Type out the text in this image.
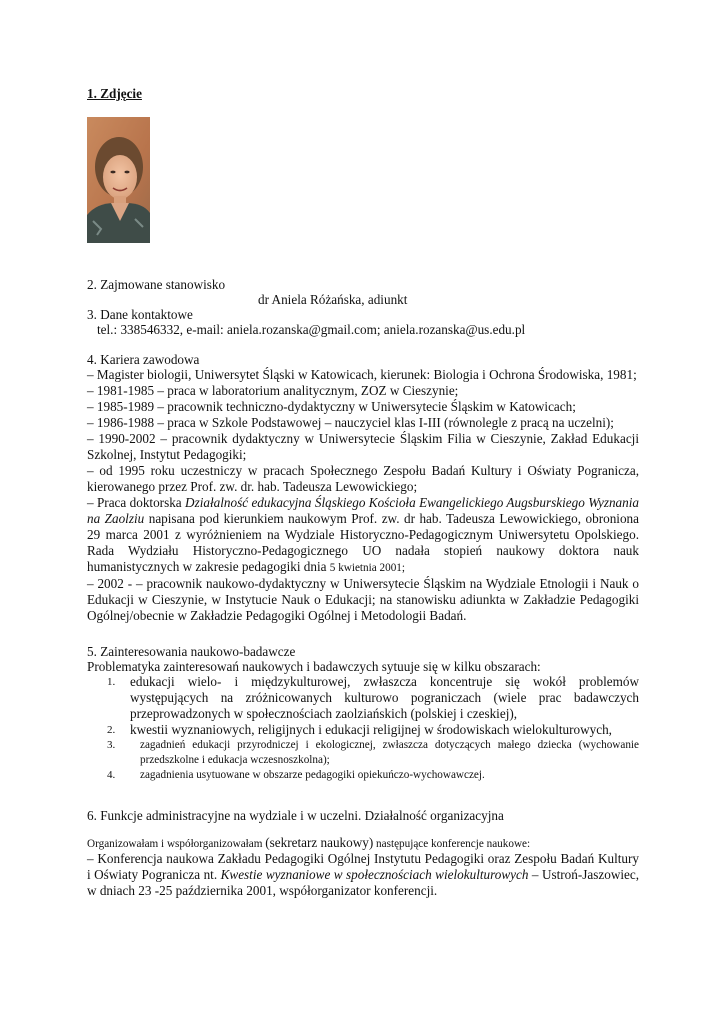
1. Zdjęcie
2. Zajmowane stanowisko
dr Aniela Różańska, adiunkt
3. Dane kontaktowe
tel.: 338546332, e-mail: aniela.rozanska@gmail.com; aniela.rozanska@us.edu.pl
4. Kariera zawodowa
– Magister biologii, Uniwersytet Śląski w Katowicach, kierunek: Biologia i Ochrona Środowiska, 1981;
– 1981-1985 – praca w laboratorium analitycznym, ZOZ w Cieszynie;
– 1985-1989 – pracownik techniczno-dydaktyczny w Uniwersytecie Śląskim w Katowicach;
– 1986-1988 – praca w Szkole Podstawowej – nauczyciel klas I-III (równolegle z pracą na uczelni);
– 1990-2002 – pracownik dydaktyczny w Uniwersytecie Śląskim Filia w Cieszynie, Zakład Edukacji Szkolnej, Instytut Pedagogiki;
– od 1995 roku uczestniczy w pracach Społecznego Zespołu Badań Kultury i Oświaty Pogranicza, kierowanego przez Prof. zw. dr. hab. Tadeusza Lewowickiego;
– Praca doktorska Działalność edukacyjna Śląskiego Kościoła Ewangelickiego Augsburskiego Wyznania na Zaolziu napisana pod kierunkiem naukowym Prof. zw. dr hab. Tadeusza Lewowickiego, obroniona 29 marca 2001 z wyróżnieniem na Wydziale Historyczno-Pedagogicznym Uniwersytetu Opolskiego. Rada Wydziału Historyczno-Pedagogicznego UO nadała stopień naukowy doktora nauk humanistycznych w zakresie pedagogiki dnia 5 kwietnia 2001;
– 2002 - – pracownik naukowo-dydaktyczny w Uniwersytecie Śląskim na Wydziale Etnologii i Nauk o Edukacji w Cieszynie, w Instytucie Nauk o Edukacji; na stanowisku adiunkta w Zakładzie Pedagogiki Ogólnej/obecnie w Zakładzie Pedagogiki Ogólnej i Metodologii Badań.
5. Zainteresowania naukowo-badawcze
Problematyka zainteresowań naukowych i badawczych sytuuje się w kilku obszarach:
1. edukacji wielo- i międzykulturowej, zwłaszcza koncentruje się wokół problemów występujących na zróżnicowanych kulturowo pograniczach (wiele prac badawczych przeprowadzonych w społecznościach zaolziańskich (polskiej i czeskiej),
2. kwestii wyznaniowych, religijnych i edukacji religijnej w środowiskach wielokulturowych,
3. zagadnień edukacji przyrodniczej i ekologicznej, zwłaszcza dotyczących małego dziecka (wychowanie przedszkolne i edukacja wczesnoszkolna);
4. zagadnienia usytuowane w obszarze pedagogiki opiekuńczo-wychowawczej.
6. Funkcje administracyjne na wydziale i w uczelni. Działalność organizacyjna
Organizowałam i współorganizowałam (sekretarz naukowy) następujące konferencje naukowe:
– Konferencja naukowa Zakładu Pedagogiki Ogólnej Instytutu Pedagogiki oraz Zespołu Badań Kultury i Oświaty Pogranicza nt. Kwestie wyznaniowe w społecznościach wielokulturowych – Ustroń-Jaszowiec, w dniach 23 -25 października 2001, współorganizator konferencji.
